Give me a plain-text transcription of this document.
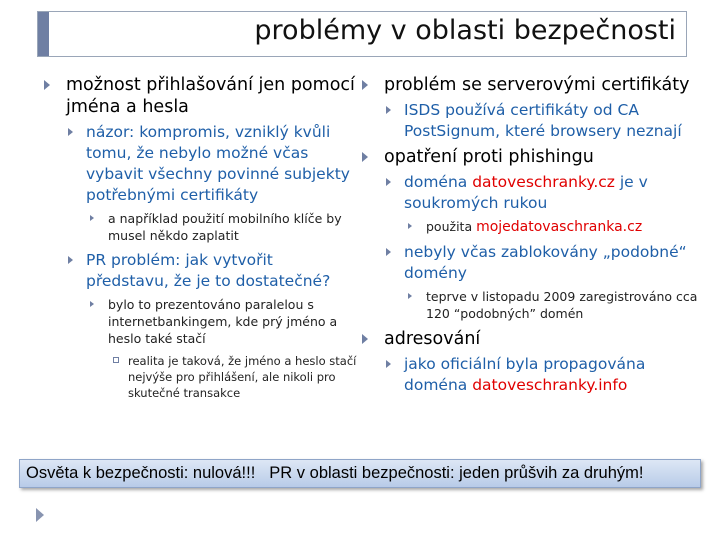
problémy v oblasti bezpečnosti
možnost přihlašování jen pomocí jména a hesla
názor: kompromis, vzniklý kvůli tomu, že nebylo možné včas vybavit všechny povinné subjekty potřebnými certifikáty
a například použití mobilního klíče by musel někdo zaplatit
PR problém: jak vytvořit představu, že je to dostatečné?
bylo to prezentováno paralelou s internetbankingem, kde prý jméno a heslo také stačí
realita je taková, že jméno a heslo stačí nejvýše pro přihlášení, ale nikoli pro skutečné transakce
problém se serverovými certifikáty
ISDS používá certifikáty od CA PostSignum, které browsery neznají
opatření proti phishingu
doména datoveschranky.cz je v soukromých rukou
použita mojedatovaschranka.cz
nebyly včas zablokovány „podobné“ domény
teprve v listopadu 2009 zaregistrováno cca 120 “podobných” domén
adresování
jako oficiální byla propagována doména datoveschranky.info
Osvěta k bezpečnosti: nulová!!! PR v oblasti bezpečnosti: jeden průšvih za druhým!
